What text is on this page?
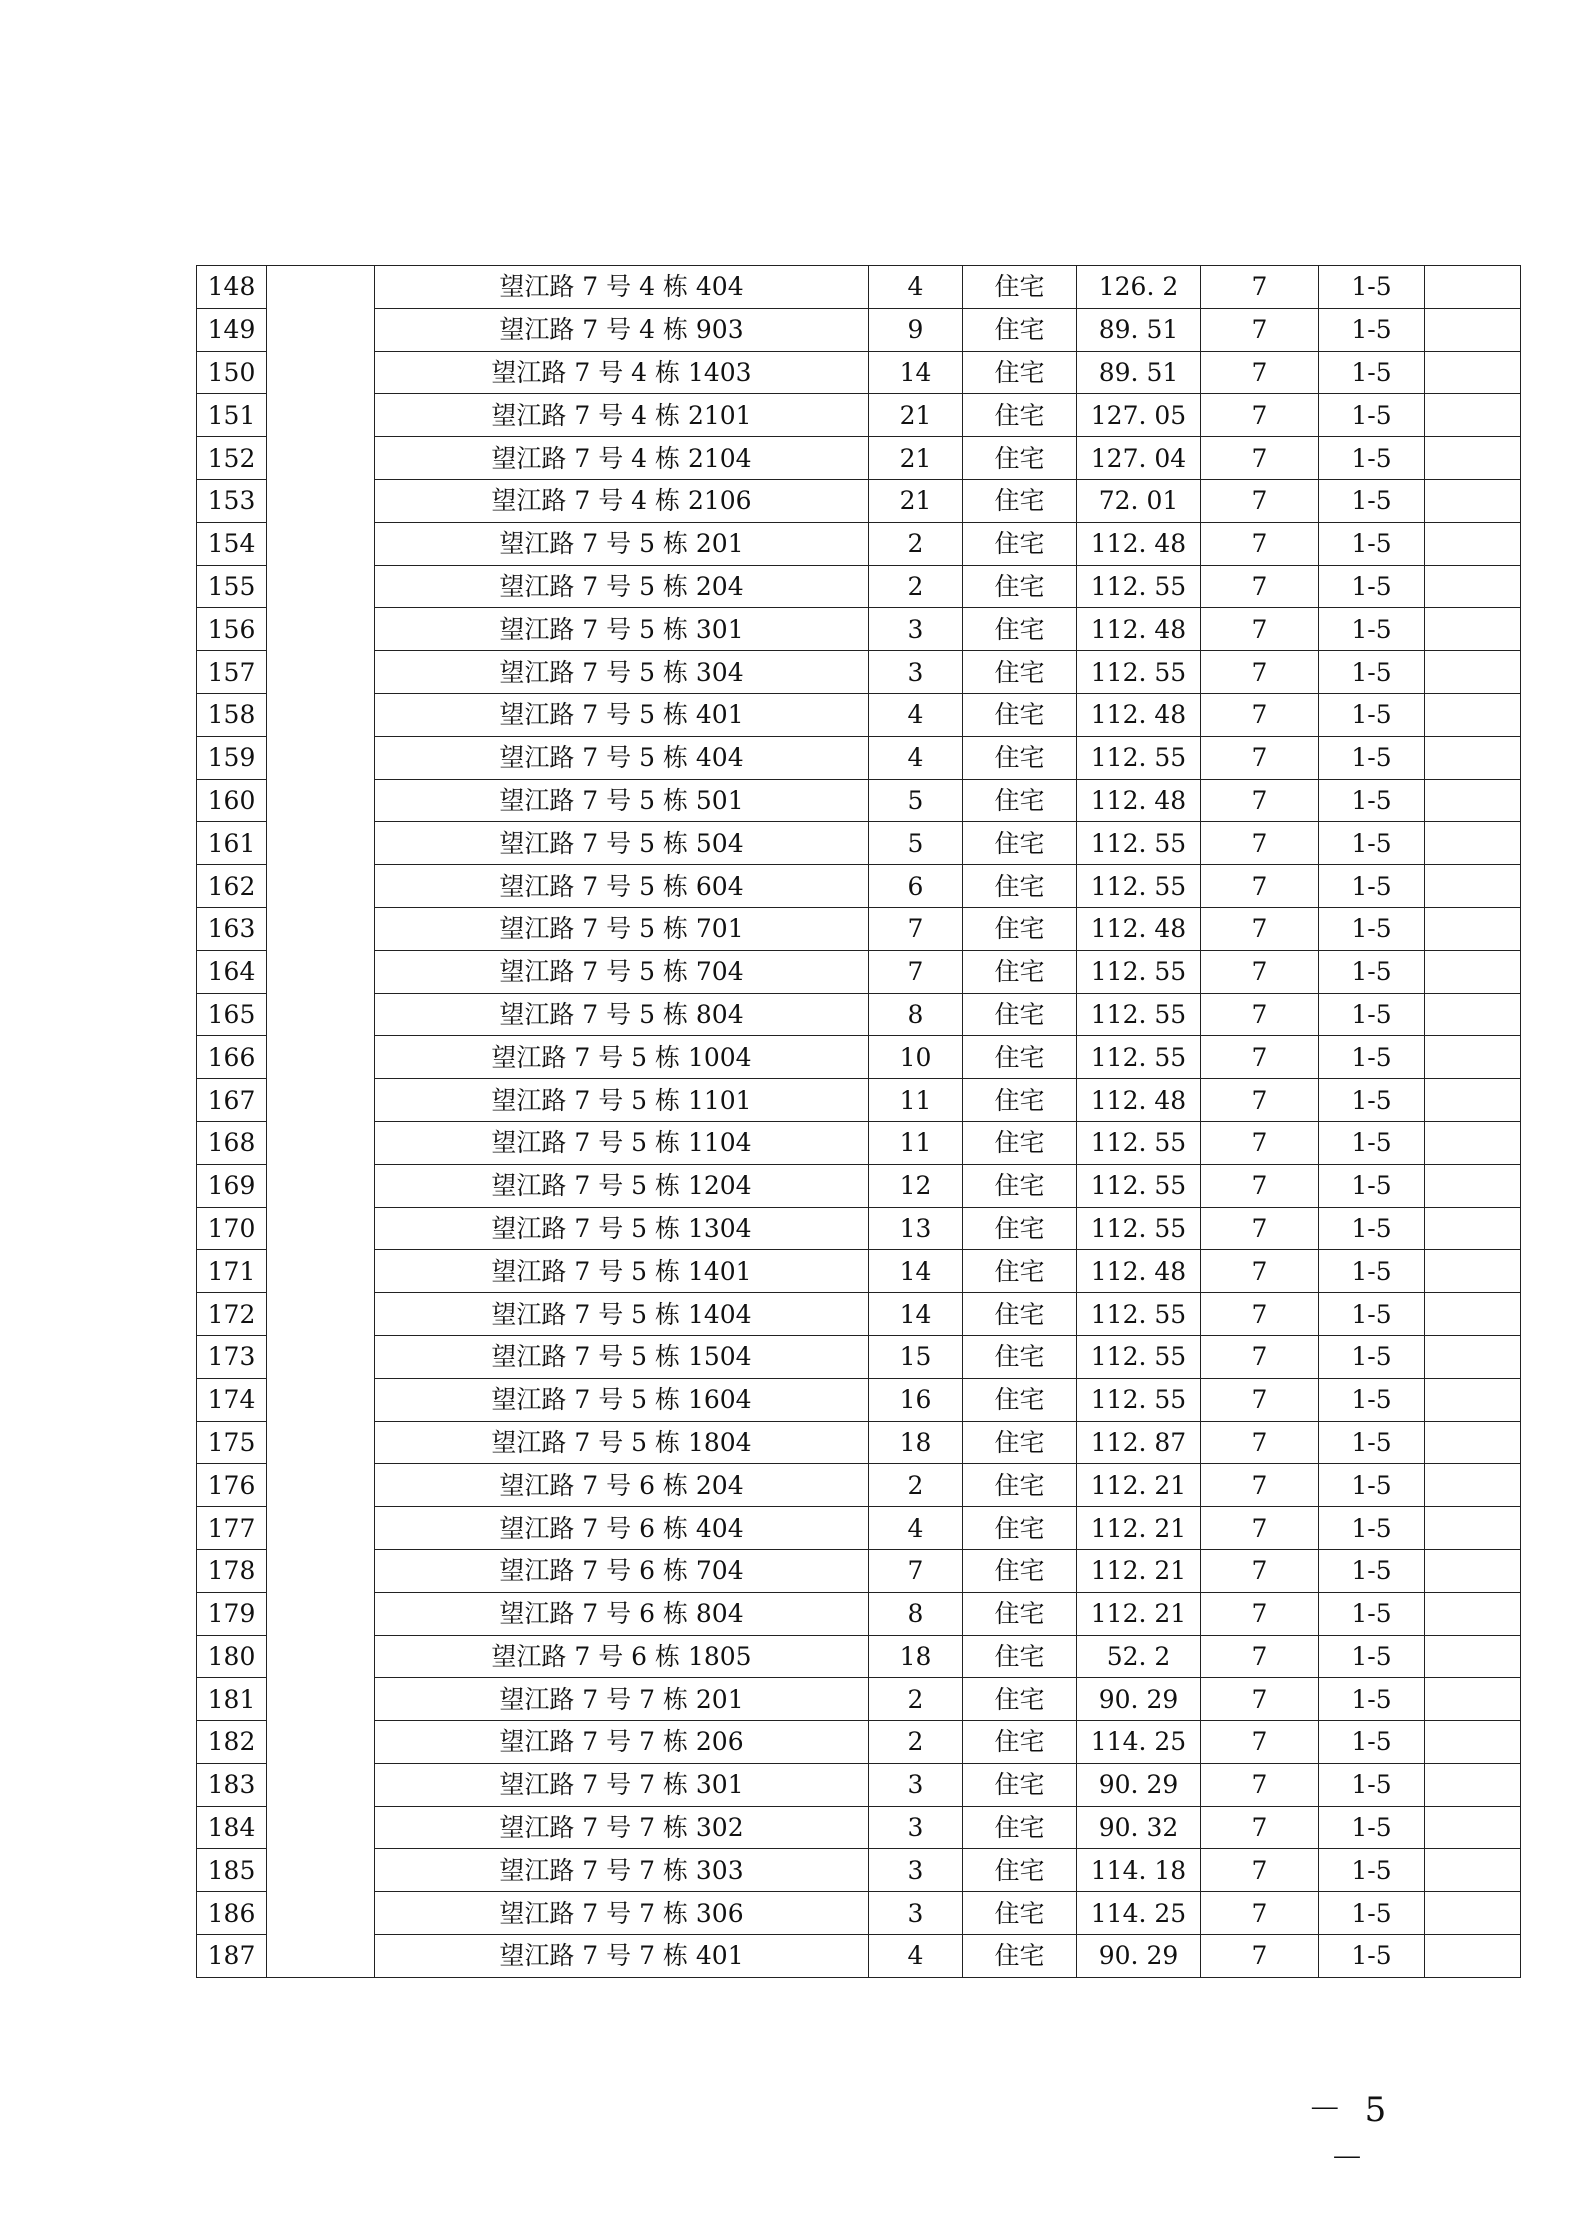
148		望江路 7 号 4 栋 404	4	住宅	126. 2	7	1-5	
149		望江路 7 号 4 栋 903	9	住宅	89. 51	7	1-5	
150		望江路 7 号 4 栋 1403	14	住宅	89. 51	7	1-5	
151		望江路 7 号 4 栋 2101	21	住宅	127. 05	7	1-5	
152		望江路 7 号 4 栋 2104	21	住宅	127. 04	7	1-5	
153		望江路 7 号 4 栋 2106	21	住宅	72. 01	7	1-5	
154		望江路 7 号 5 栋 201	2	住宅	112. 48	7	1-5	
155		望江路 7 号 5 栋 204	2	住宅	112. 55	7	1-5	
156		望江路 7 号 5 栋 301	3	住宅	112. 48	7	1-5	
157		望江路 7 号 5 栋 304	3	住宅	112. 55	7	1-5	
158		望江路 7 号 5 栋 401	4	住宅	112. 48	7	1-5	
159		望江路 7 号 5 栋 404	4	住宅	112. 55	7	1-5	
160		望江路 7 号 5 栋 501	5	住宅	112. 48	7	1-5	
161		望江路 7 号 5 栋 504	5	住宅	112. 55	7	1-5	
162		望江路 7 号 5 栋 604	6	住宅	112. 55	7	1-5	
163		望江路 7 号 5 栋 701	7	住宅	112. 48	7	1-5	
164		望江路 7 号 5 栋 704	7	住宅	112. 55	7	1-5	
165		望江路 7 号 5 栋 804	8	住宅	112. 55	7	1-5	
166		望江路 7 号 5 栋 1004	10	住宅	112. 55	7	1-5	
167		望江路 7 号 5 栋 1101	11	住宅	112. 48	7	1-5	
168		望江路 7 号 5 栋 1104	11	住宅	112. 55	7	1-5	
169		望江路 7 号 5 栋 1204	12	住宅	112. 55	7	1-5	
170		望江路 7 号 5 栋 1304	13	住宅	112. 55	7	1-5	
171		望江路 7 号 5 栋 1401	14	住宅	112. 48	7	1-5	
172		望江路 7 号 5 栋 1404	14	住宅	112. 55	7	1-5	
173		望江路 7 号 5 栋 1504	15	住宅	112. 55	7	1-5	
174		望江路 7 号 5 栋 1604	16	住宅	112. 55	7	1-5	
175		望江路 7 号 5 栋 1804	18	住宅	112. 87	7	1-5	
176		望江路 7 号 6 栋 204	2	住宅	112. 21	7	1-5	
177		望江路 7 号 6 栋 404	4	住宅	112. 21	7	1-5	
178		望江路 7 号 6 栋 704	7	住宅	112. 21	7	1-5	
179		望江路 7 号 6 栋 804	8	住宅	112. 21	7	1-5	
180		望江路 7 号 6 栋 1805	18	住宅	52. 2	7	1-5	
181		望江路 7 号 7 栋 201	2	住宅	90. 29	7	1-5	
182		望江路 7 号 7 栋 206	2	住宅	114. 25	7	1-5	
183		望江路 7 号 7 栋 301	3	住宅	90. 29	7	1-5	
184		望江路 7 号 7 栋 302	3	住宅	90. 32	7	1-5	
185		望江路 7 号 7 栋 303	3	住宅	114. 18	7	1-5	
186		望江路 7 号 7 栋 306	3	住宅	114. 25	7	1-5	
187		望江路 7 号 7 栋 401	4	住宅	90. 29	7	1-5	
－ 5 －
